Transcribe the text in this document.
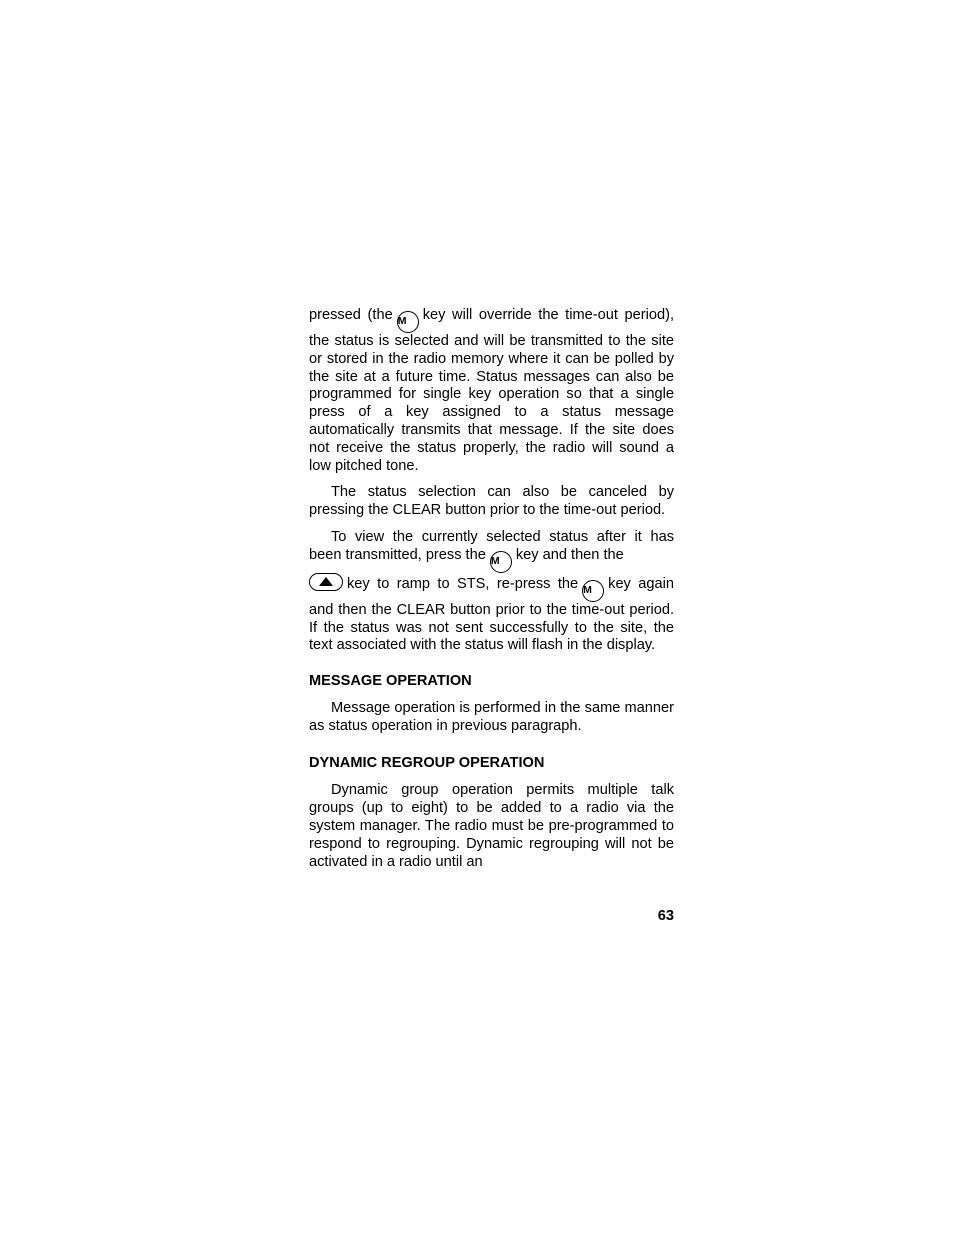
pressed (the M key will override the time-out period), the status is selected and will be transmitted to the site or stored in the radio memory where it can be polled by the site at a future time. Status messages can also be programmed for single key operation so that a single press of a key assigned to a status message automatically transmits that message. If the site does not receive the status properly, the radio will sound a low pitched tone.

The status selection can also be canceled by pressing the CLEAR button prior to the time-out period.

To view the currently selected status after it has been transmitted, press the M key and then the

key to ramp to STS, re-press the M key again and then the CLEAR button prior to the time-out period. If the status was not sent successfully to the site, the text associated with the status will flash in the display.

MESSAGE OPERATION

Message operation is performed in the same manner as status operation in previous paragraph.

DYNAMIC REGROUP OPERATION

Dynamic group operation permits multiple talk groups (up to eight) to be added to a radio via the system manager. The radio must be pre-programmed to respond to regrouping. Dynamic regrouping will not be activated in a radio until an

63
